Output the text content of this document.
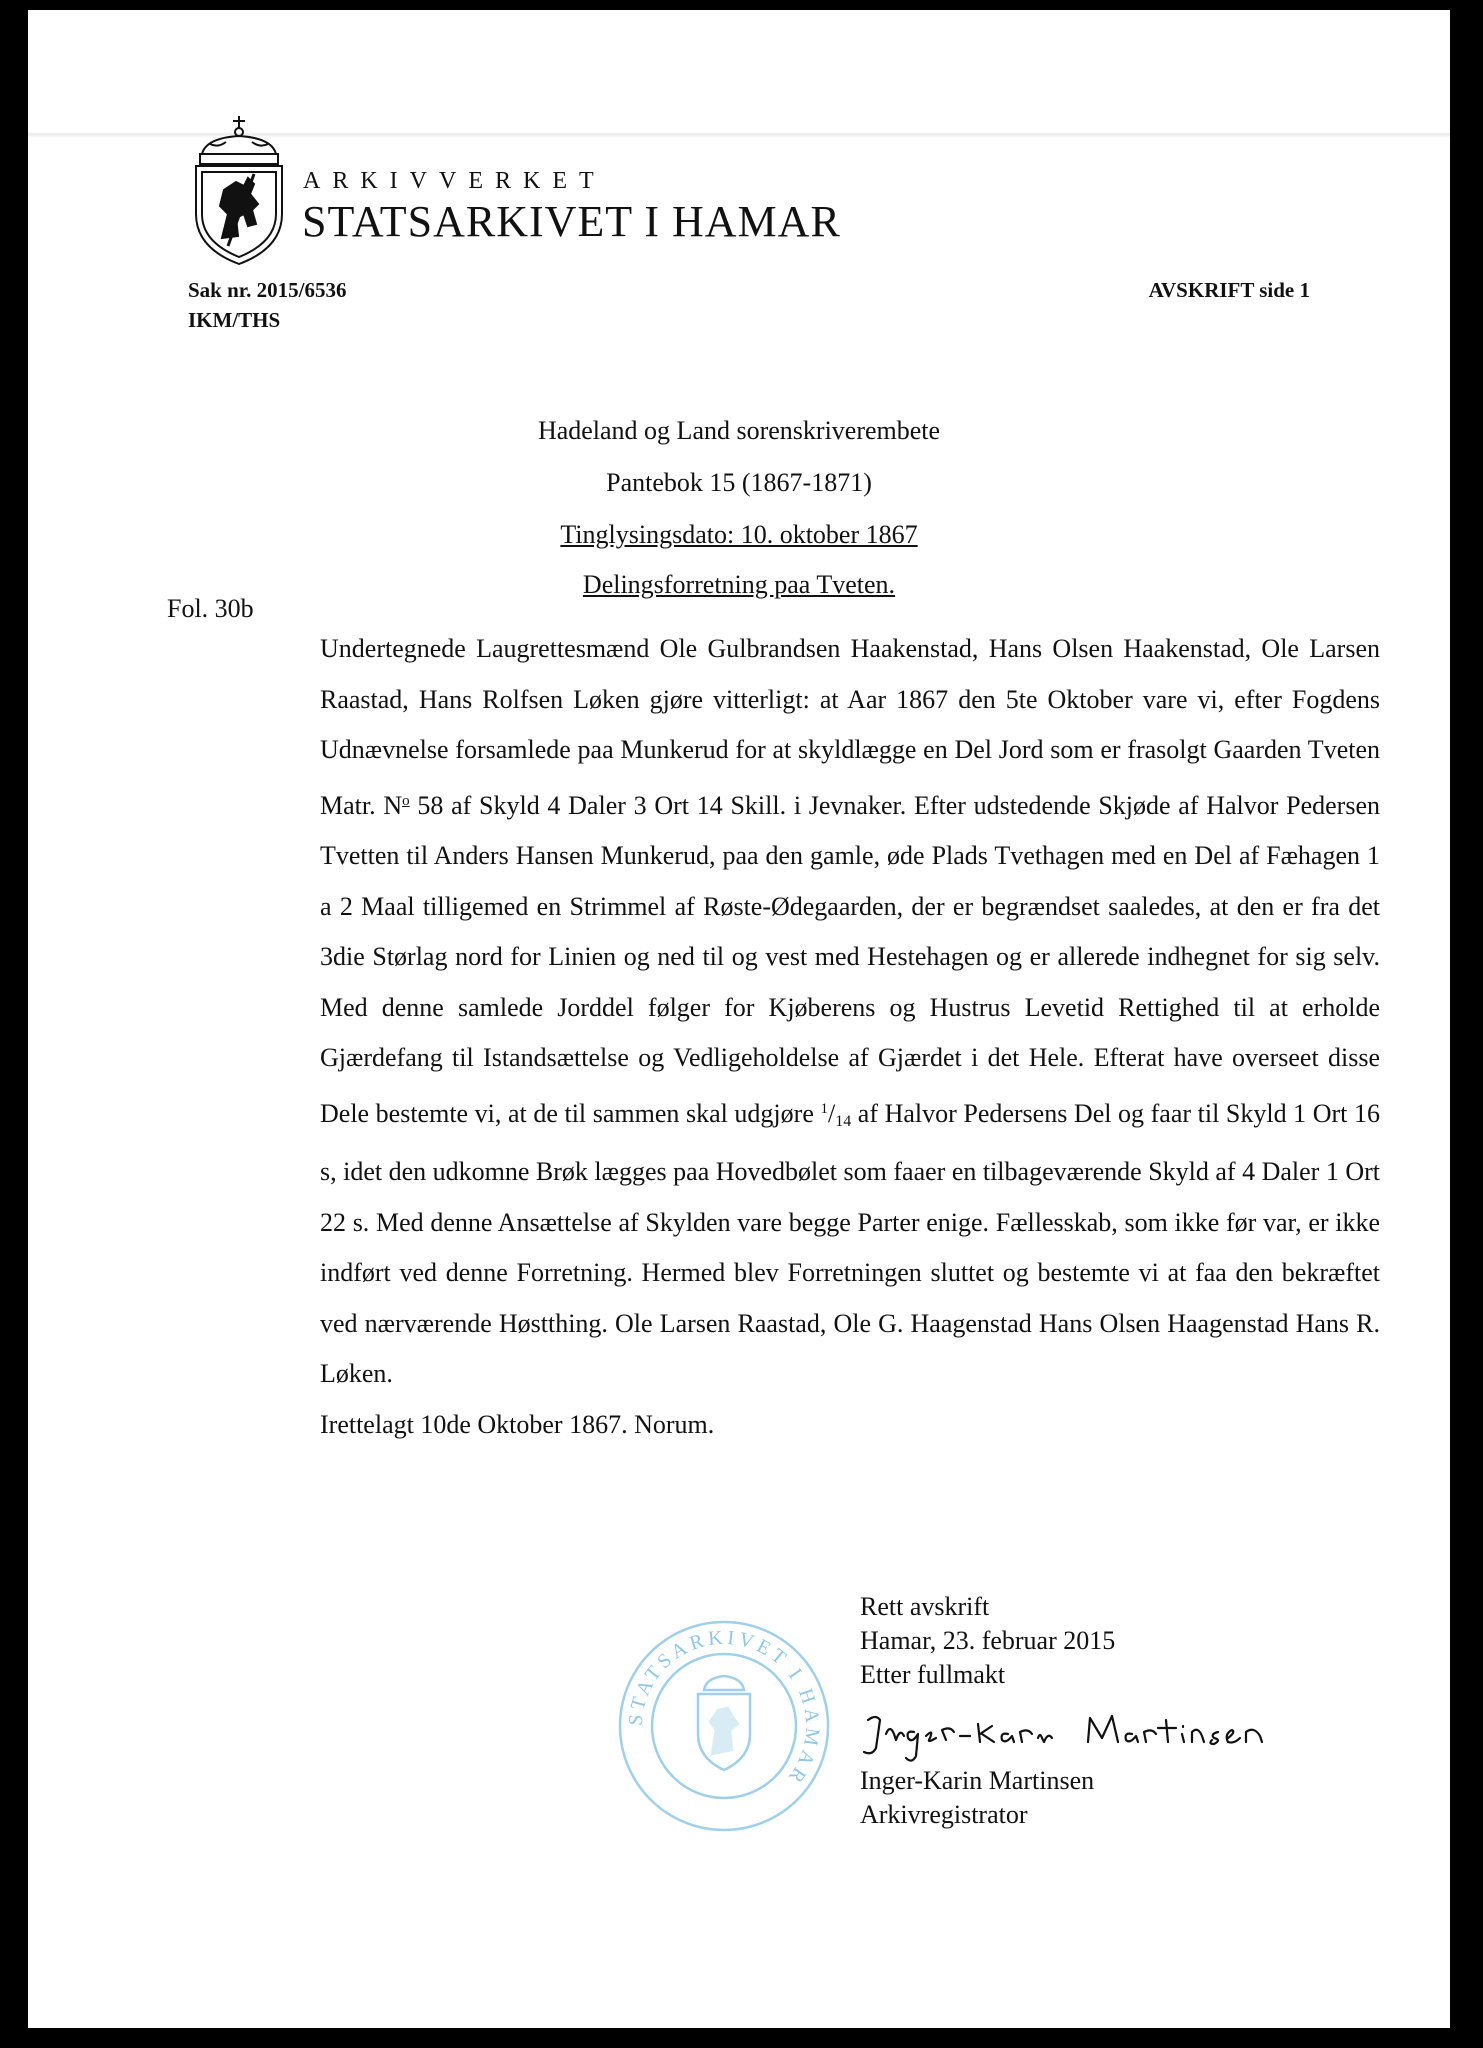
ARKIVVERKET
STATSARKIVET I HAMAR
Sak nr. 2015/6536
IKM/THS
AVSKRIFT side 1
Hadeland og Land sorenskriverembete
Pantebok 15 (1867-1871)
Tinglysingsdato: 10. oktober 1867
Delingsforretning paa Tveten.
Fol. 30b
Undertegnede Laugrettesmænd Ole Gulbrandsen Haakenstad, Hans Olsen Haakenstad, Ole Larsen Raastad, Hans Rolfsen Løken gjøre vitterligt: at Aar 1867 den 5te Oktober vare vi, efter Fogdens Udnævnelse forsamlede paa Munkerud for at skyldlægge en Del Jord som er frasolgt Gaarden Tveten Matr. $N^o$ 58 af Skyld 4 Daler 3 Ort 14 Skill. i Jevnaker. Efter udstedende Skjøde af Halvor Pedersen Tvetten til Anders Hansen Munkerud, paa den gamle, øde Plads Tvethagen med en Del af Fæhagen 1 a 2 Maal tilligemed en Strimmel af Røste-Ødegaarden, der er begrændset saaledes, at den er fra det 3die Størlag nord for Linien og ned til og vest med Hestehagen og er allerede indhegnet for sig selv. Med denne samlede Jorddel følger for Kjøberens og Hustrus Levetid Rettighed til at erholde Gjærdefang til Istandsættelse og Vedligeholdelse af Gjærdet i det Hele. Efterat have overseet disse Dele bestemte vi, at de til sammen skal udgjøre $^1/_{14}$ af Halvor Pedersens Del og faar til Skyld 1 Ort 16 s, idet den udkomne Brøk lægges paa Hovedbølet som faaer en tilbageværende Skyld af 4 Daler 1 Ort 22 s. Med denne Ansættelse af Skylden vare begge Parter enige. Fællesskab, som ikke før var, er ikke indført ved denne Forretning. Hermed blev Forretningen sluttet og bestemte vi at faa den bekræftet ved nærværende Høstthing. Ole Larsen Raastad, Ole G. Haagenstad Hans Olsen Haagenstad Hans R. Løken.
Irettelagt 10de Oktober 1867. Norum.
STATSARKIVET I HAMAR
Rett avskrift
Hamar, 23. februar 2015
Etter fullmakt
Inger-Karin Martinsen
Arkivregistrator
